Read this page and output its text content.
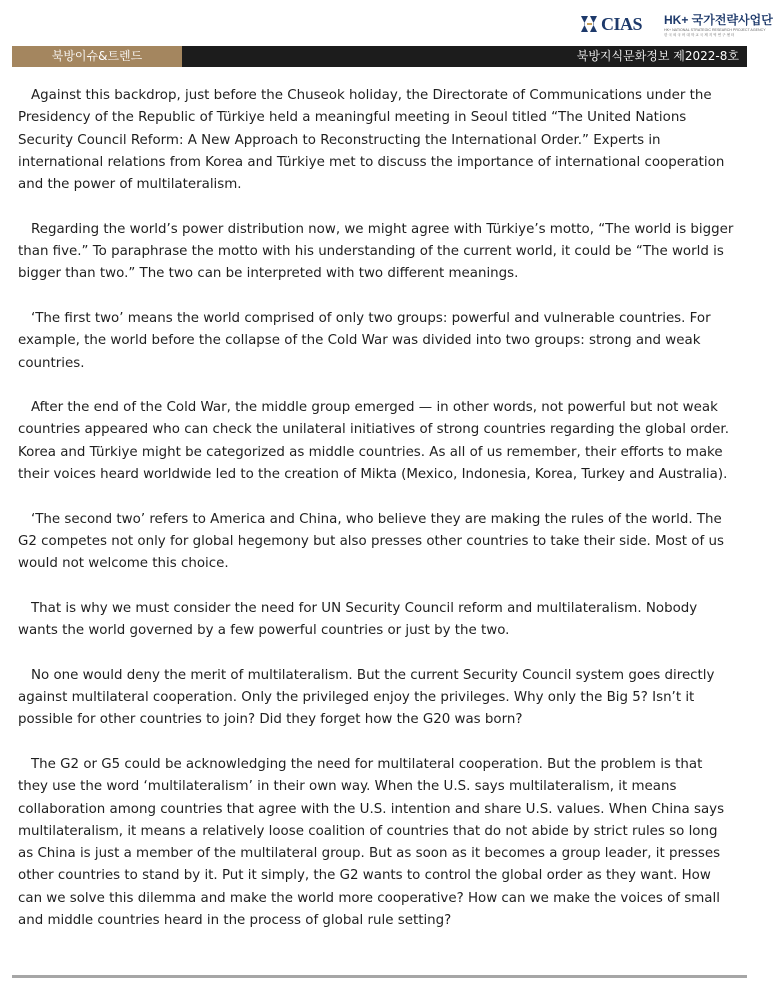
CIAS HK+ 국가전략사업단
HK+ NATIONAL STRATEGIC RESEARCH PROJECT AGENCY
한 국 외 국 어 대 학 교 국 제 지 역 연 구 센 터
북방이슈&트렌드	북방지식문화정보 제2022-8호

Against this backdrop, just before the Chuseok holiday, the Directorate of Communications under the Presidency of the Republic of Türkiye held a meaningful meeting in Seoul titled “The United Nations Security Council Reform: A New Approach to Reconstructing the International Order.” Experts in international relations from Korea and Türkiye met to discuss the importance of international cooperation and the power of multilateralism.

Regarding the world’s power distribution now, we might agree with Türkiye’s motto, “The world is bigger than five.” To paraphrase the motto with his understanding of the current world, it could be “The world is bigger than two.” The two can be interpreted with two different meanings.

‘The first two’ means the world comprised of only two groups: powerful and vulnerable countries. For example, the world before the collapse of the Cold War was divided into two groups: strong and weak countries.

After the end of the Cold War, the middle group emerged — in other words, not powerful but not weak countries appeared who can check the unilateral initiatives of strong countries regarding the global order. Korea and Türkiye might be categorized as middle countries. As all of us remember, their efforts to make their voices heard worldwide led to the creation of Mikta (Mexico, Indonesia, Korea, Turkey and Australia).

‘The second two’ refers to America and China, who believe they are making the rules of the world. The G2 competes not only for global hegemony but also presses other countries to take their side. Most of us would not welcome this choice.

That is why we must consider the need for UN Security Council reform and multilateralism. Nobody wants the world governed by a few powerful countries or just by the two.

No one would deny the merit of multilateralism. But the current Security Council system goes directly against multilateral cooperation. Only the privileged enjoy the privileges. Why only the Big 5? Isn’t it possible for other countries to join? Did they forget how the G20 was born?

The G2 or G5 could be acknowledging the need for multilateral cooperation. But the problem is that they use the word ‘multilateralism’ in their own way. When the U.S. says multilateralism, it means collaboration among countries that agree with the U.S. intention and share U.S. values. When China says multilateralism, it means a relatively loose coalition of countries that do not abide by strict rules so long as China is just a member of the multilateral group. But as soon as it becomes a group leader, it presses other countries to stand by it. Put it simply, the G2 wants to control the global order as they want. How can we solve this dilemma and make the world more cooperative? How can we make the voices of small and middle countries heard in the process of global rule setting?
